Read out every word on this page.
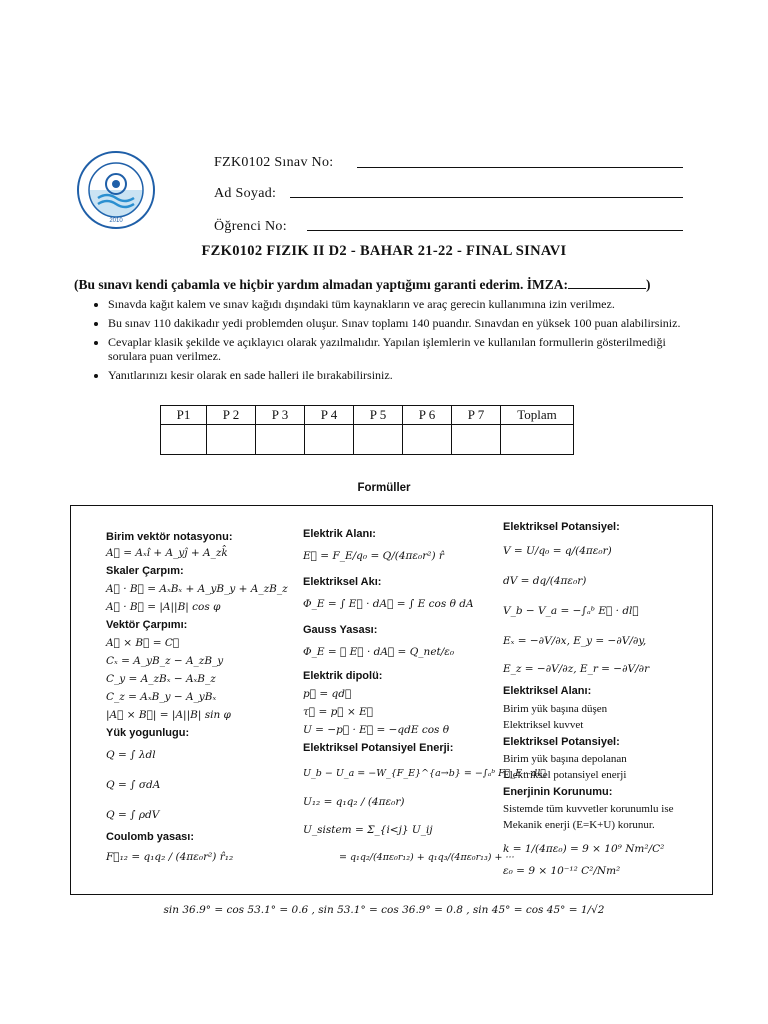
2010
FZK0102 Sınav No:
Ad Soyad:
Öğrenci No:
FZK0102 FIZIK II D2 - BAHAR 21-22 - FINAL SINAVI
(Bu sınavı kendi çabamla ve hiçbir yardım almadan yaptığımı garanti ederim. İMZA:	)
• Sınavda kağıt kalem ve sınav kağıdı dışındaki tüm kaynakların ve araç gerecin kullanımına izin verilmez.
• Bu sınav 110 dakikadır yedi problemden oluşur. Sınav toplamı 140 puandır. Sınavdan en yüksek 100 puan alabilirsiniz.
• Cevaplar klasik şekilde ve açıklayıcı olarak yazılmalıdır. Yapılan işlemlerin ve kullanılan formullerin gösterilmediği sorulara puan verilmez.
• Yanıtlarınızı kesir olarak en sade halleri ile bırakabilirsiniz.
P1	P 2	P 3	P 4	P 5	P 6	P 7	Toplam

Formüller
Birim vektör notasyonu:
A⃗ = Aₓî + A_yĵ + A_zk̂
Skaler Çarpım:
A⃗ · B⃗ = AₓBₓ + A_yB_y + A_zB_z
A⃗ · B⃗ = |A||B| cos φ
Vektör Çarpımı:
A⃗ × B⃗ = C⃗
Cₓ = A_yB_z − A_zB_y
C_y = A_zBₓ − AₓB_z
C_z = AₓB_y − A_yBₓ
|A⃗ × B⃗| = |A||B| sin φ
Yük yogunlugu:
Q = ∫ λdl
Q = ∫ σdA
Q = ∫ ρdV
Coulomb yasası:
F⃗₁₂ = q₁q₂ / (4πε₀r²) r̂₁₂
Elektrik Alanı:
E⃗ = F_E/q₀ = Q/(4πε₀r²) r̂
Elektriksel Akı:
Φ_E = ∫ E⃗ · dA⃗ = ∫ E cos θ dA
Gauss Yasası:
Φ_E = ∮ E⃗ · dA⃗ = Q_net/ε₀
Elektrik dipolü:
p⃗ = qd⃗
τ⃗ = p⃗ × E⃗
U = −p⃗ · E⃗ = −qdE cos θ
Elektriksel Potansiyel Enerji:
U_b − U_a = −W_{F_E}^{a→b} = −∫ₐᵇ F⃗_E · dl⃗
U₁₂ = q₁q₂ / (4πε₀r)
U_sistem = Σ_{i<j} U_ij
= q₁q₂/(4πε₀r₁₂) + q₁q₃/(4πε₀r₁₃) + ···
Elektriksel Potansiyel:
V = U/q₀ = q/(4πε₀r)
dV = dq/(4πε₀r)
V_b − V_a = −∫ₐᵇ E⃗ · dl⃗
Eₓ = −∂V/∂x, E_y = −∂V/∂y,
E_z = −∂V/∂z, E_r = −∂V/∂r
Elektriksel Alanı:
Birim yük başına düşen
Elektriksel kuvvet
Elektriksel Potansiyel:
Birim yük başına depolanan
Elektriksel potansiyel enerji
Enerjinin Korunumu:
Sistemde tüm kuvvetler korunumlu ise
Mekanik enerji (E=K+U) korunur.
k = 1/(4πε₀) = 9 × 10⁹ Nm²/C²
ε₀ = 9 × 10⁻¹² C²/Nm²
sin 36.9° = cos 53.1° = 0.6 , sin 53.1° = cos 36.9° = 0.8 , sin 45° = cos 45° = 1/√2
